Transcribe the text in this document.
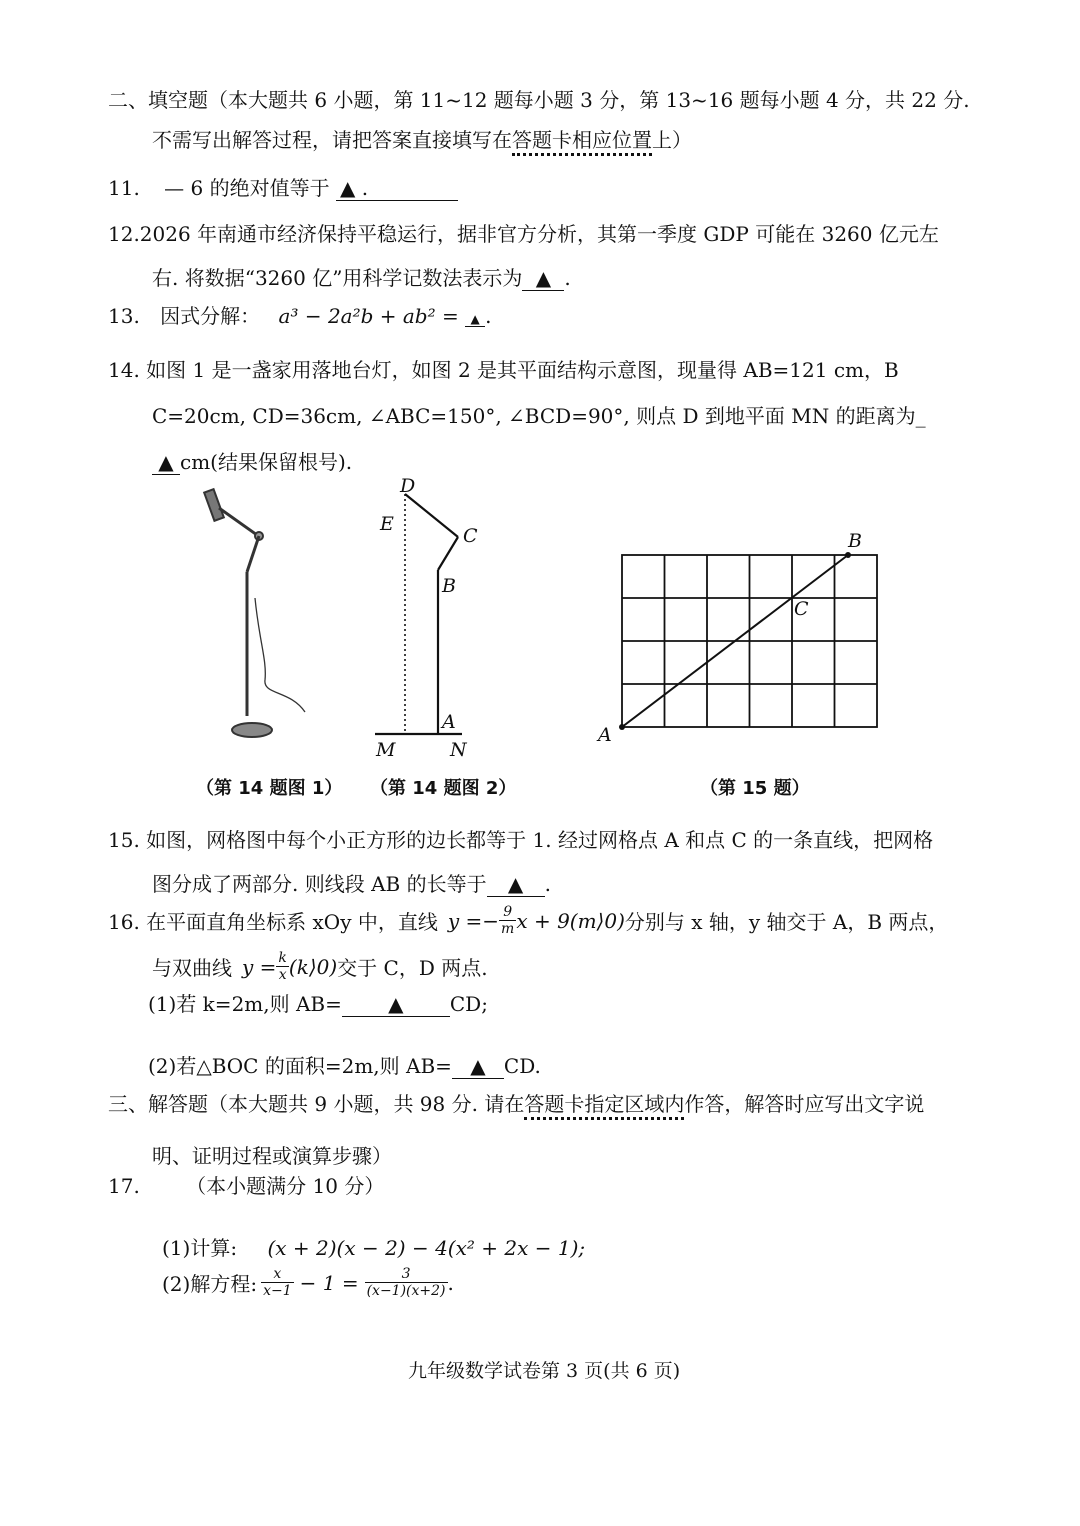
二、填空题（本大题共 6 小题，第 11~12 题每小题 3 分，第 13~16 题每小题 4 分，共 22 分.
不需写出解答过程，请把答案直接填写在答题卡相应位置上）
11. — 6 的绝对值等于 ▲ .
12.2026 年南通市经济保持平稳运行，据非官方分析，其第一季度 GDP 可能在 3260 亿元左
右. 将数据“3260 亿”用科学记数法表示为 ▲ .
13. 因式分解： a³ − 2a²b + ab² = ▲ .
14. 如图 1 是一盏家用落地台灯，如图 2 是其平面结构示意图，现量得 AB=121 cm，B
C=20cm, CD=36cm, ∠ABC=150°, ∠BCD=90°, 则点 D 到地平面 MN 的距离为_
▲ cm(结果保留根号).
（第 14 题图 1）
D
E
C
B
A
M	N
（第 14 题图 2）
A
B
C
（第 15 题）
15. 如图，网格图中每个小正方形的边长都等于 1. 经过网格点 A 和点 C 的一条直线，把网格
图分成了两部分. 则线段 AB 的长等于 ▲ .
16. 在平面直角坐标系 xOy 中，直线 $y =- \frac{9}{m}$ x + 9(m⟩0) 分别与 x 轴，y 轴交于 A，B 两点，
与双曲线 $y = \frac{k}{x}$ (k⟩0) 交于 C，D 两点.
(1)若 k=2m,则 AB= ▲ CD;
(2)若△BOC 的面积=2m,则 AB= ▲ CD.
三、解答题（本大题共 9 小题，共 98 分. 请在答题卡指定区域内作答，解答时应写出文字说
明、证明过程或演算步骤）
17. （本小题满分 10 分）
(1)计算: (x + 2)(x − 2) − 4(x² + 2x − 1);
(2)解方程: $\frac{x}{x-1} - 1 = \frac{3}{(x-1)(x+2)}$ .
九年级数学试卷第 3 页(共 6 页)
